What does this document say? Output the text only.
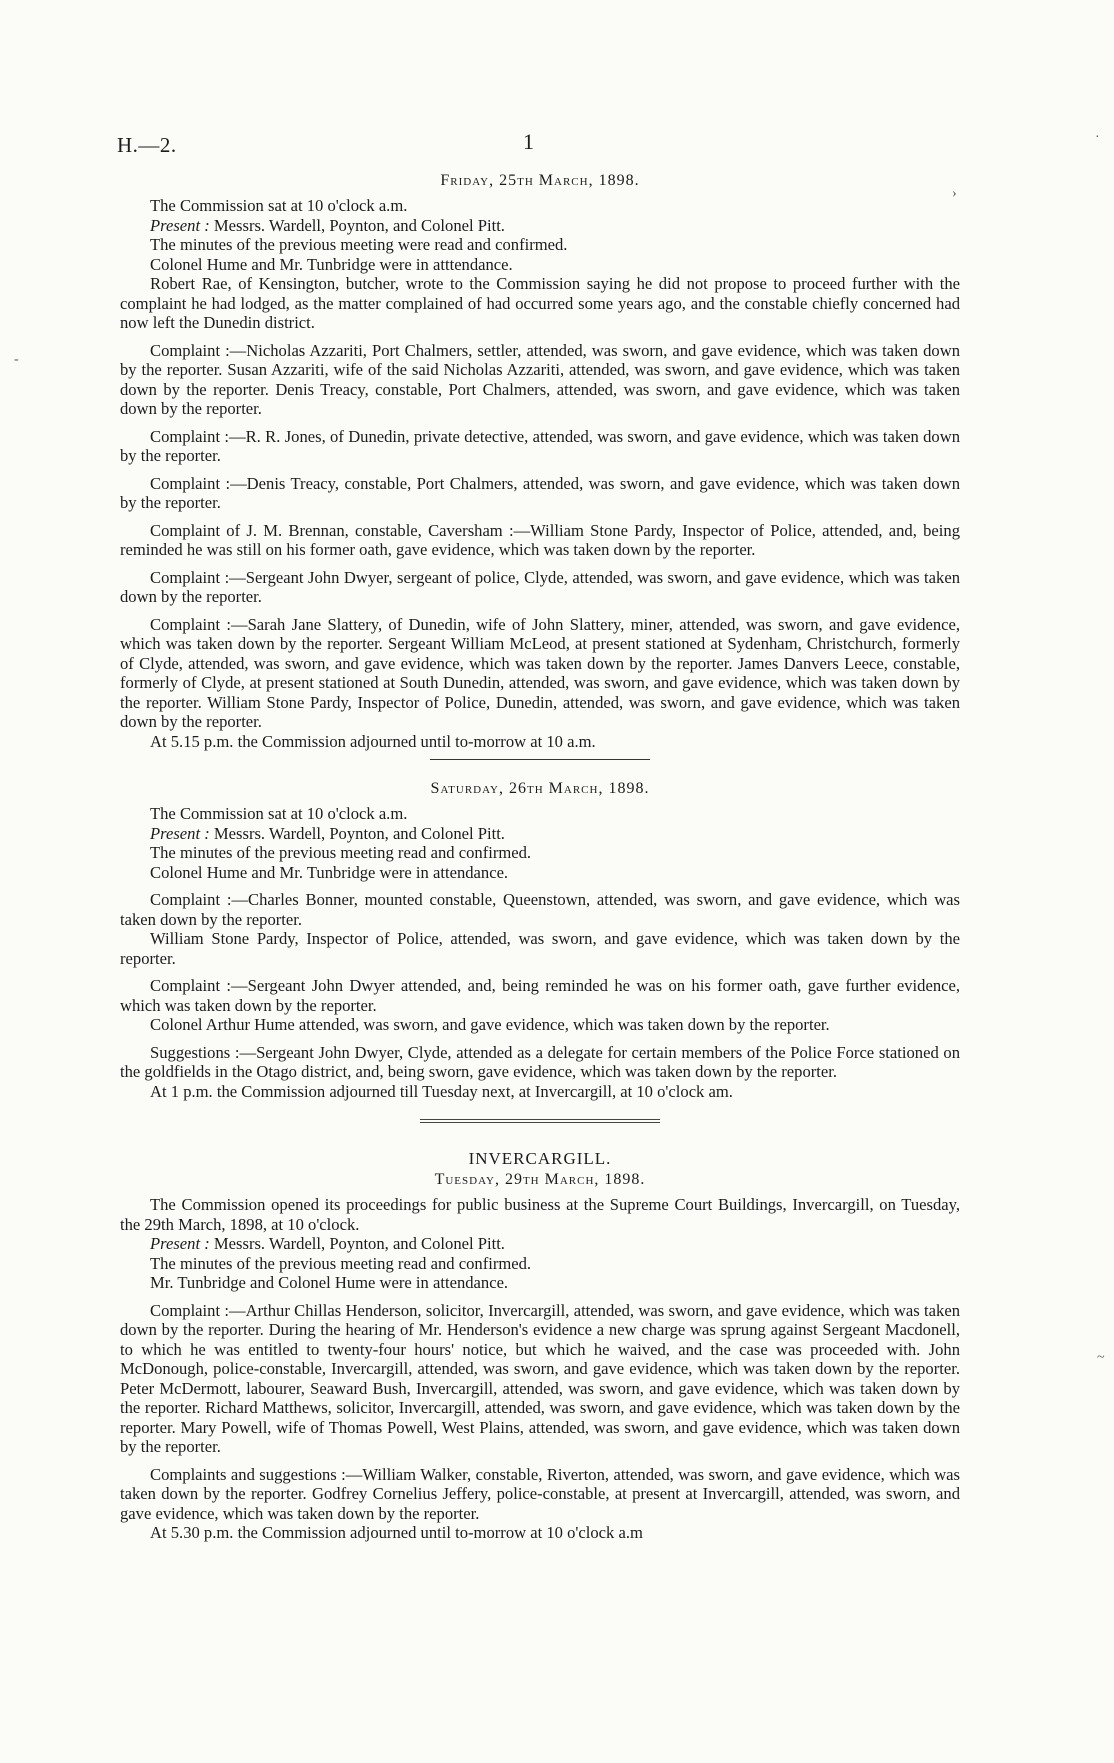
H.—2.	1
-
›
·
~
Friday, 25th March, 1898.

The Commission sat at 10 o'clock a.m.

Present : Messrs. Wardell, Poynton, and Colonel Pitt.

The minutes of the previous meeting were read and confirmed.

Colonel Hume and Mr. Tunbridge were in atttendance.

Robert Rae, of Kensington, butcher, wrote to the Commission saying he did not propose to proceed further with the complaint he had lodged, as the matter complained of had occurred some years ago, and the constable chiefly concerned had now left the Dunedin district.

Complaint :—Nicholas Azzariti, Port Chalmers, settler, attended, was sworn, and gave evidence, which was taken down by the reporter. Susan Azzariti, wife of the said Nicholas Azzariti, attended, was sworn, and gave evidence, which was taken down by the reporter. Denis Treacy, constable, Port Chalmers, attended, was sworn, and gave evidence, which was taken down by the reporter.

Complaint :—R. R. Jones, of Dunedin, private detective, attended, was sworn, and gave evidence, which was taken down by the reporter.

Complaint :—Denis Treacy, constable, Port Chalmers, attended, was sworn, and gave evidence, which was taken down by the reporter.

Complaint of J. M. Brennan, constable, Caversham :—William Stone Pardy, Inspector of Police, attended, and, being reminded he was still on his former oath, gave evidence, which was taken down by the reporter.

Complaint :—Sergeant John Dwyer, sergeant of police, Clyde, attended, was sworn, and gave evidence, which was taken down by the reporter.

Complaint :—Sarah Jane Slattery, of Dunedin, wife of John Slattery, miner, attended, was sworn, and gave evidence, which was taken down by the reporter. Sergeant William McLeod, at present stationed at Sydenham, Christchurch, formerly of Clyde, attended, was sworn, and gave evidence, which was taken down by the reporter. James Danvers Leece, constable, formerly of Clyde, at present stationed at South Dunedin, attended, was sworn, and gave evidence, which was taken down by the reporter. William Stone Pardy, Inspector of Police, Dunedin, attended, was sworn, and gave evidence, which was taken down by the reporter.

At 5.15 p.m. the Commission adjourned until to-morrow at 10 a.m.

Saturday, 26th March, 1898.

The Commission sat at 10 o'clock a.m.

Present : Messrs. Wardell, Poynton, and Colonel Pitt.

The minutes of the previous meeting read and confirmed.

Colonel Hume and Mr. Tunbridge were in attendance.

Complaint :—Charles Bonner, mounted constable, Queenstown, attended, was sworn, and gave evidence, which was taken down by the reporter.

William Stone Pardy, Inspector of Police, attended, was sworn, and gave evidence, which was taken down by the reporter.

Complaint :—Sergeant John Dwyer attended, and, being reminded he was on his former oath, gave further evidence, which was taken down by the reporter.

Colonel Arthur Hume attended, was sworn, and gave evidence, which was taken down by the reporter.

Suggestions :—Sergeant John Dwyer, Clyde, attended as a delegate for certain members of the Police Force stationed on the goldfields in the Otago district, and, being sworn, gave evidence, which was taken down by the reporter.

At 1 p.m. the Commission adjourned till Tuesday next, at Invercargill, at 10 o'clock am.

INVERCARGILL.
Tuesday, 29th March, 1898.

The Commission opened its proceedings for public business at the Supreme Court Buildings, Invercargill, on Tuesday, the 29th March, 1898, at 10 o'clock.

Present : Messrs. Wardell, Poynton, and Colonel Pitt.

The minutes of the previous meeting read and confirmed.

Mr. Tunbridge and Colonel Hume were in attendance.

Complaint :—Arthur Chillas Henderson, solicitor, Invercargill, attended, was sworn, and gave evidence, which was taken down by the reporter. During the hearing of Mr. Henderson's evidence a new charge was sprung against Sergeant Macdonell, to which he was entitled to twenty-four hours' notice, but which he waived, and the case was proceeded with. John McDonough, police-constable, Invercargill, attended, was sworn, and gave evidence, which was taken down by the reporter. Peter McDermott, labourer, Seaward Bush, Invercargill, attended, was sworn, and gave evidence, which was taken down by the reporter. Richard Matthews, solicitor, Invercargill, attended, was sworn, and gave evidence, which was taken down by the reporter. Mary Powell, wife of Thomas Powell, West Plains, attended, was sworn, and gave evidence, which was taken down by the reporter.

Complaints and suggestions :—William Walker, constable, Riverton, attended, was sworn, and gave evidence, which was taken down by the reporter. Godfrey Cornelius Jeffery, police-constable, at present at Invercargill, attended, was sworn, and gave evidence, which was taken down by the reporter.

At 5.30 p.m. the Commission adjourned until to-morrow at 10 o'clock a.m
